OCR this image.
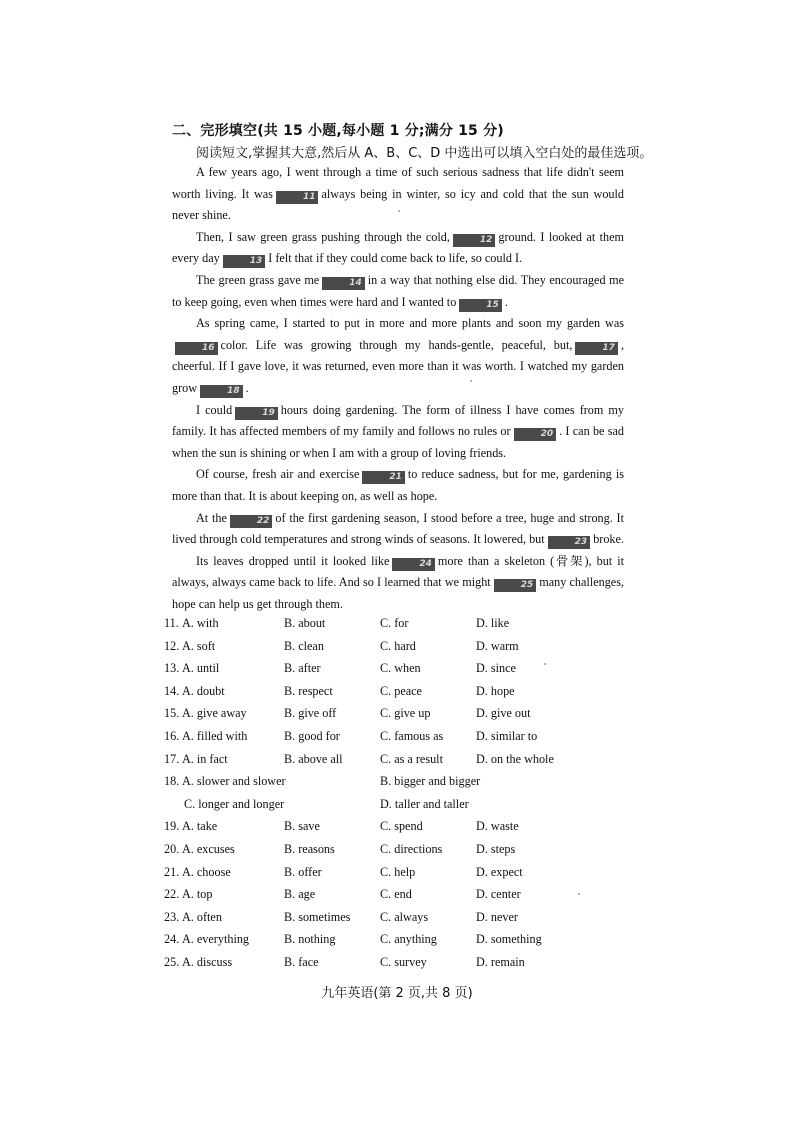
二、完形填空(共 15 小题,每小题 1 分;满分 15 分)
阅读短文,掌握其大意,然后从 A、B、C、D 中选出可以填入空白处的最佳选项。

A few years ago, I went through a time of such serious sadness that life didn't seem worth living. It was	11 always being in winter, so icy and cold that the sun would never shine.

Then, I saw green grass pushing through the cold,	12 ground. I looked at them every day	13 I felt that if they could come back to life, so could I.

The green grass gave me	14 in a way that nothing else did. They encouraged me to keep going, even when times were hard and I wanted to	15 .

As spring came, I started to put in more and more plants and soon my garden was16 color. Life was growing through my hands-gentle, peaceful, but,	17 , cheerful. If I gave love, it was returned, even more than it was worth. I watched my garden grow	18 .

I could	19 hours doing gardening. The form of illness I have comes from my family. It has affected members of my family and follows no rules or	20 . I can be sad when the sun is shining or when I am with a group of loving friends.

Of course, fresh air and exercise	21 to reduce sadness, but for me, gardening is more than that. It is about keeping on, as well as hope.

At the	22 of the first gardening season, I stood before a tree, huge and strong. It lived through cold temperatures and strong winds of seasons. It lowered, but	23 broke.

Its leaves dropped until it looked like	24 more than a skeleton (骨架), but it always, always came back to life. And so I learned that we might	25 many challenges, hope can help us get through them.

11. A. with	B. about	C. for	D. like
12. A. soft	B. clean	C. hard	D. warm
13. A. until	B. after	C. when	D. since
14. A. doubt	B. respect	C. peace	D. hope
15. A. give away	B. give off	C. give up	D. give out
16. A. filled with	B. good for	C. famous as	D. similar to
17. A. in fact	B. above all	C. as a result	D. on the whole
18. A. slower and slower	B. bigger and bigger
C. longer and longer	D. taller and taller
19. A. take	B. save	C. spend	D. waste
20. A. excuses	B. reasons	C. directions	D. steps
21. A. choose	B. offer	C. help	D. expect
22. A. top	B. age	C. end	D. center
23. A. often	B. sometimes C. always	D. never
24. A. everything	B. nothing	C. anything	D. something
25. A. discuss	B. face	C. survey	D. remain
九年英语(第 2 页,共 8 页)
